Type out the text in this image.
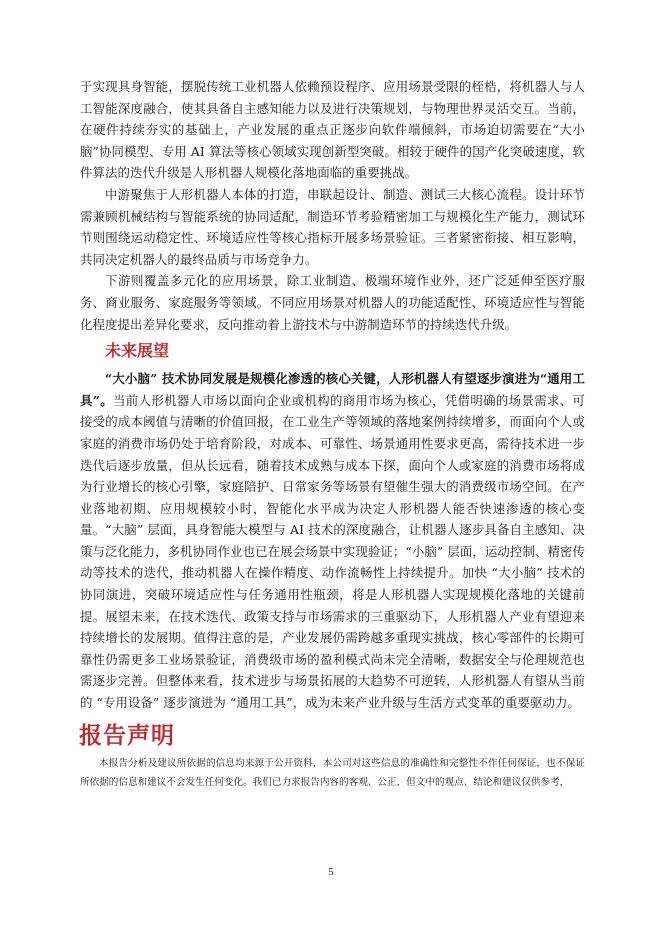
于实现具身智能，摆脱传统工业机器人依赖预设程序、应用场景受限的桎梏，将机器人与人工智能深度融合，使其具备自主感知能力以及进行决策规划，与物理世界灵活交互。当前，在硬件持续夯实的基础上，产业发展的重点正逐步向软件端倾斜，市场迫切需要在“大小脑”协同模型、专用 AI 算法等核心领域实现创新型突破。相较于硬件的国产化突破速度，软件算法的迭代升级是人形机器人规模化落地面临的重要挑战。

中游聚焦于人形机器人本体的打造，串联起设计、制造、测试三大核心流程。设计环节需兼顾机械结构与智能系统的协同适配，制造环节考验精密加工与规模化生产能力，测试环节则围绕运动稳定性、环境适应性等核心指标开展多场景验证。三者紧密衔接、相互影响，共同决定机器人的最终品质与市场竞争力。

下游则覆盖多元化的应用场景，除工业制造、极端环境作业外，还广泛延伸至医疗服务、商业服务、家庭服务等领域。不同应用场景对机器人的功能适配性、环境适应性与智能化程度提出差异化要求，反向推动着上游技术与中游制造环节的持续迭代升级。

未来展望

“大小脑” 技术协同发展是规模化渗透的核心关键，人形机器人有望逐步演进为“通用工具”。当前人形机器人市场以面向企业或机构的商用市场为核心，凭借明确的场景需求、可接受的成本阈值与清晰的价值回报，在工业生产等领域的落地案例持续增多，而面向个人或家庭的消费市场仍处于培育阶段，对成本、可靠性、场景通用性要求更高，需待技术进一步迭代后逐步放量，但从长远看，随着技术成熟与成本下探，面向个人或家庭的消费市场将成为行业增长的核心引擎，家庭陪护、日常家务等场景有望催生强大的消费级市场空间。在产业落地初期、应用规模较小时，智能化水平成为决定人形机器人能否快速渗透的核心变量。“大脑” 层面，具身智能大模型与 AI 技术的深度融合，让机器人逐步具备自主感知、决策与泛化能力，多机协同作业也已在展会场景中实现验证；“小脑” 层面，运动控制、精密传动等技术的迭代，推动机器人在操作精度、动作流畅性上持续提升。加快 “大小脑” 技术的协同演进，突破环境适应性与任务通用性瓶颈，将是人形机器人实现规模化落地的关键前提。展望未来，在技术迭代、政策支持与市场需求的三重驱动下，人形机器人产业有望迎来持续增长的发展期。值得注意的是，产业发展仍需跨越多重现实挑战，核心零部件的长期可靠性仍需更多工业场景验证，消费级市场的盈利模式尚未完全清晰，数据安全与伦理规范也需逐步完善。但整体来看，技术进步与场景拓展的大趋势不可逆转，人形机器人有望从当前的 “专用设备” 逐步演进为 “通用工具”，成为未来产业升级与生活方式变革的重要驱动力。

报告声明

本报告分析及建议所依据的信息均来源于公开资料，本公司对这些信息的准确性和完整性不作任何保证，也不保证所依据的信息和建议不会发生任何变化。我们已力求报告内容的客观、公正，但文中的观点、结论和建议仅供参考，

5
